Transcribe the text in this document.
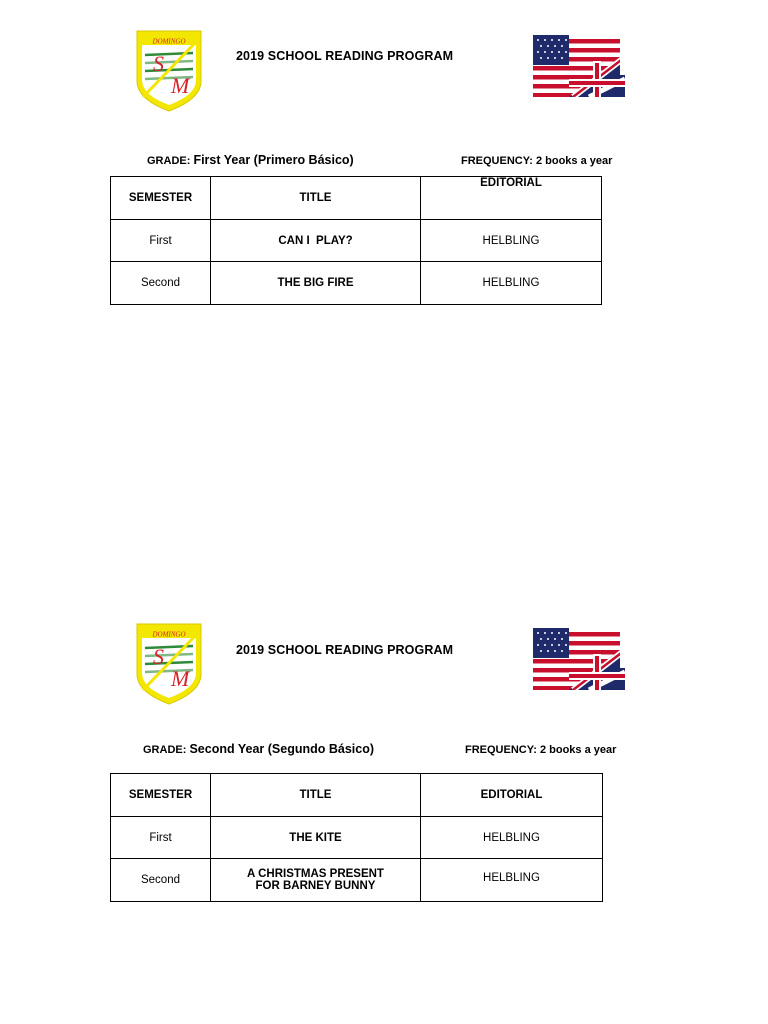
DOMINGO
S
M
2019 SCHOOL READING PROGRAM
GRADE: First Year (Primero Básico)	FREQUENCY: 2 books a year
SEMESTER	TITLE	EDITORIAL
First	CAN I  PLAY?	HELBLING
Second	THE BIG FIRE	HELBLING
DOMINGO
S
M
2019 SCHOOL READING PROGRAM
GRADE: Second Year (Segundo Básico)	FREQUENCY: 2 books a year
SEMESTER	TITLE	EDITORIAL
First	THE KITE	HELBLING
Second	A CHRISTMAS PRESENT FOR BARNEY BUNNY	HELBLING
